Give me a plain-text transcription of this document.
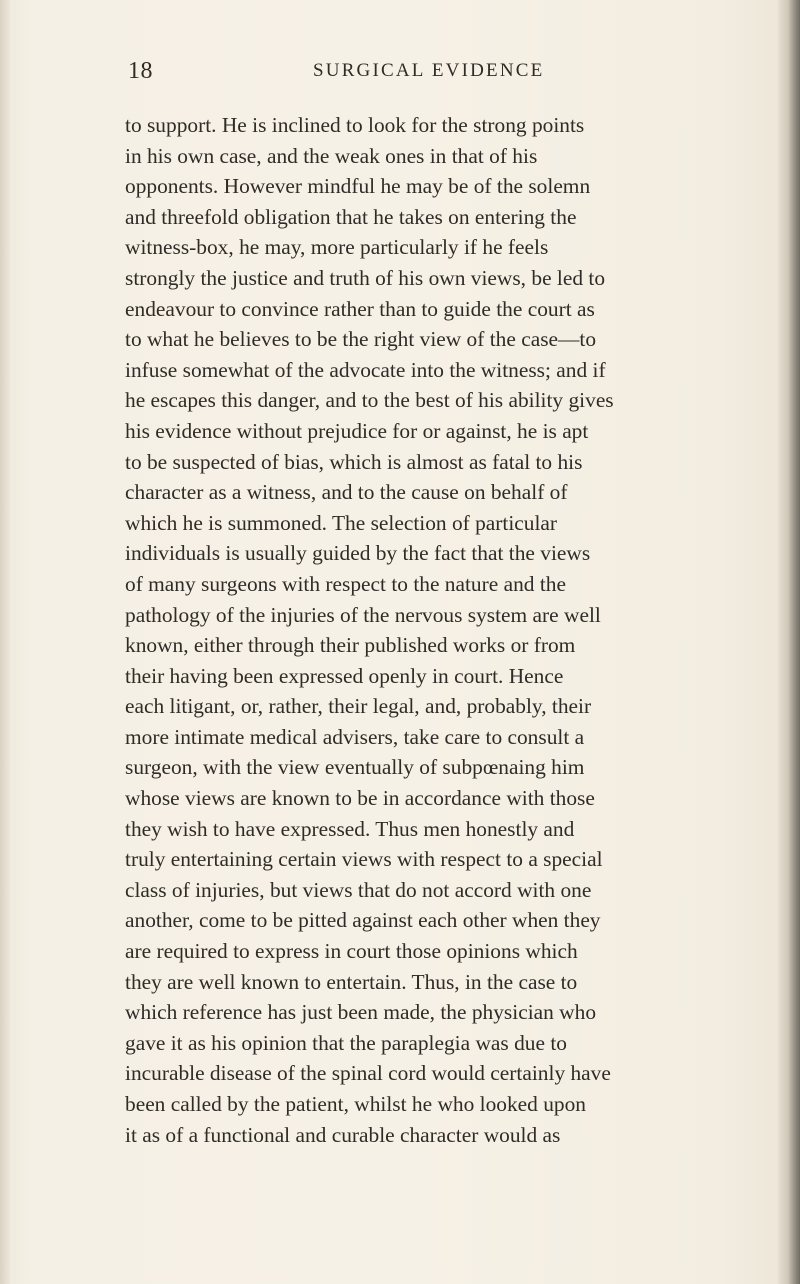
18	SURGICAL EVIDENCE
to support. He is inclined to look for the strong points
in his own case, and the weak ones in that of his
opponents. However mindful he may be of the solemn
and threefold obligation that he takes on entering the
witness-box, he may, more particularly if he feels
strongly the justice and truth of his own views, be led to
endeavour to convince rather than to guide the court as
to what he believes to be the right view of the case—to
infuse somewhat of the advocate into the witness; and if
he escapes this danger, and to the best of his ability gives
his evidence without prejudice for or against, he is apt
to be suspected of bias, which is almost as fatal to his
character as a witness, and to the cause on behalf of
which he is summoned. The selection of particular
individuals is usually guided by the fact that the views
of many surgeons with respect to the nature and the
pathology of the injuries of the nervous system are well
known, either through their published works or from
their having been expressed openly in court. Hence
each litigant, or, rather, their legal, and, probably, their
more intimate medical advisers, take care to consult a
surgeon, with the view eventually of subpœnaing him
whose views are known to be in accordance with those
they wish to have expressed. Thus men honestly and
truly entertaining certain views with respect to a special
class of injuries, but views that do not accord with one
another, come to be pitted against each other when they
are required to express in court those opinions which
they are well known to entertain. Thus, in the case to
which reference has just been made, the physician who
gave it as his opinion that the paraplegia was due to
incurable disease of the spinal cord would certainly have
been called by the patient, whilst he who looked upon
it as of a functional and curable character would as
